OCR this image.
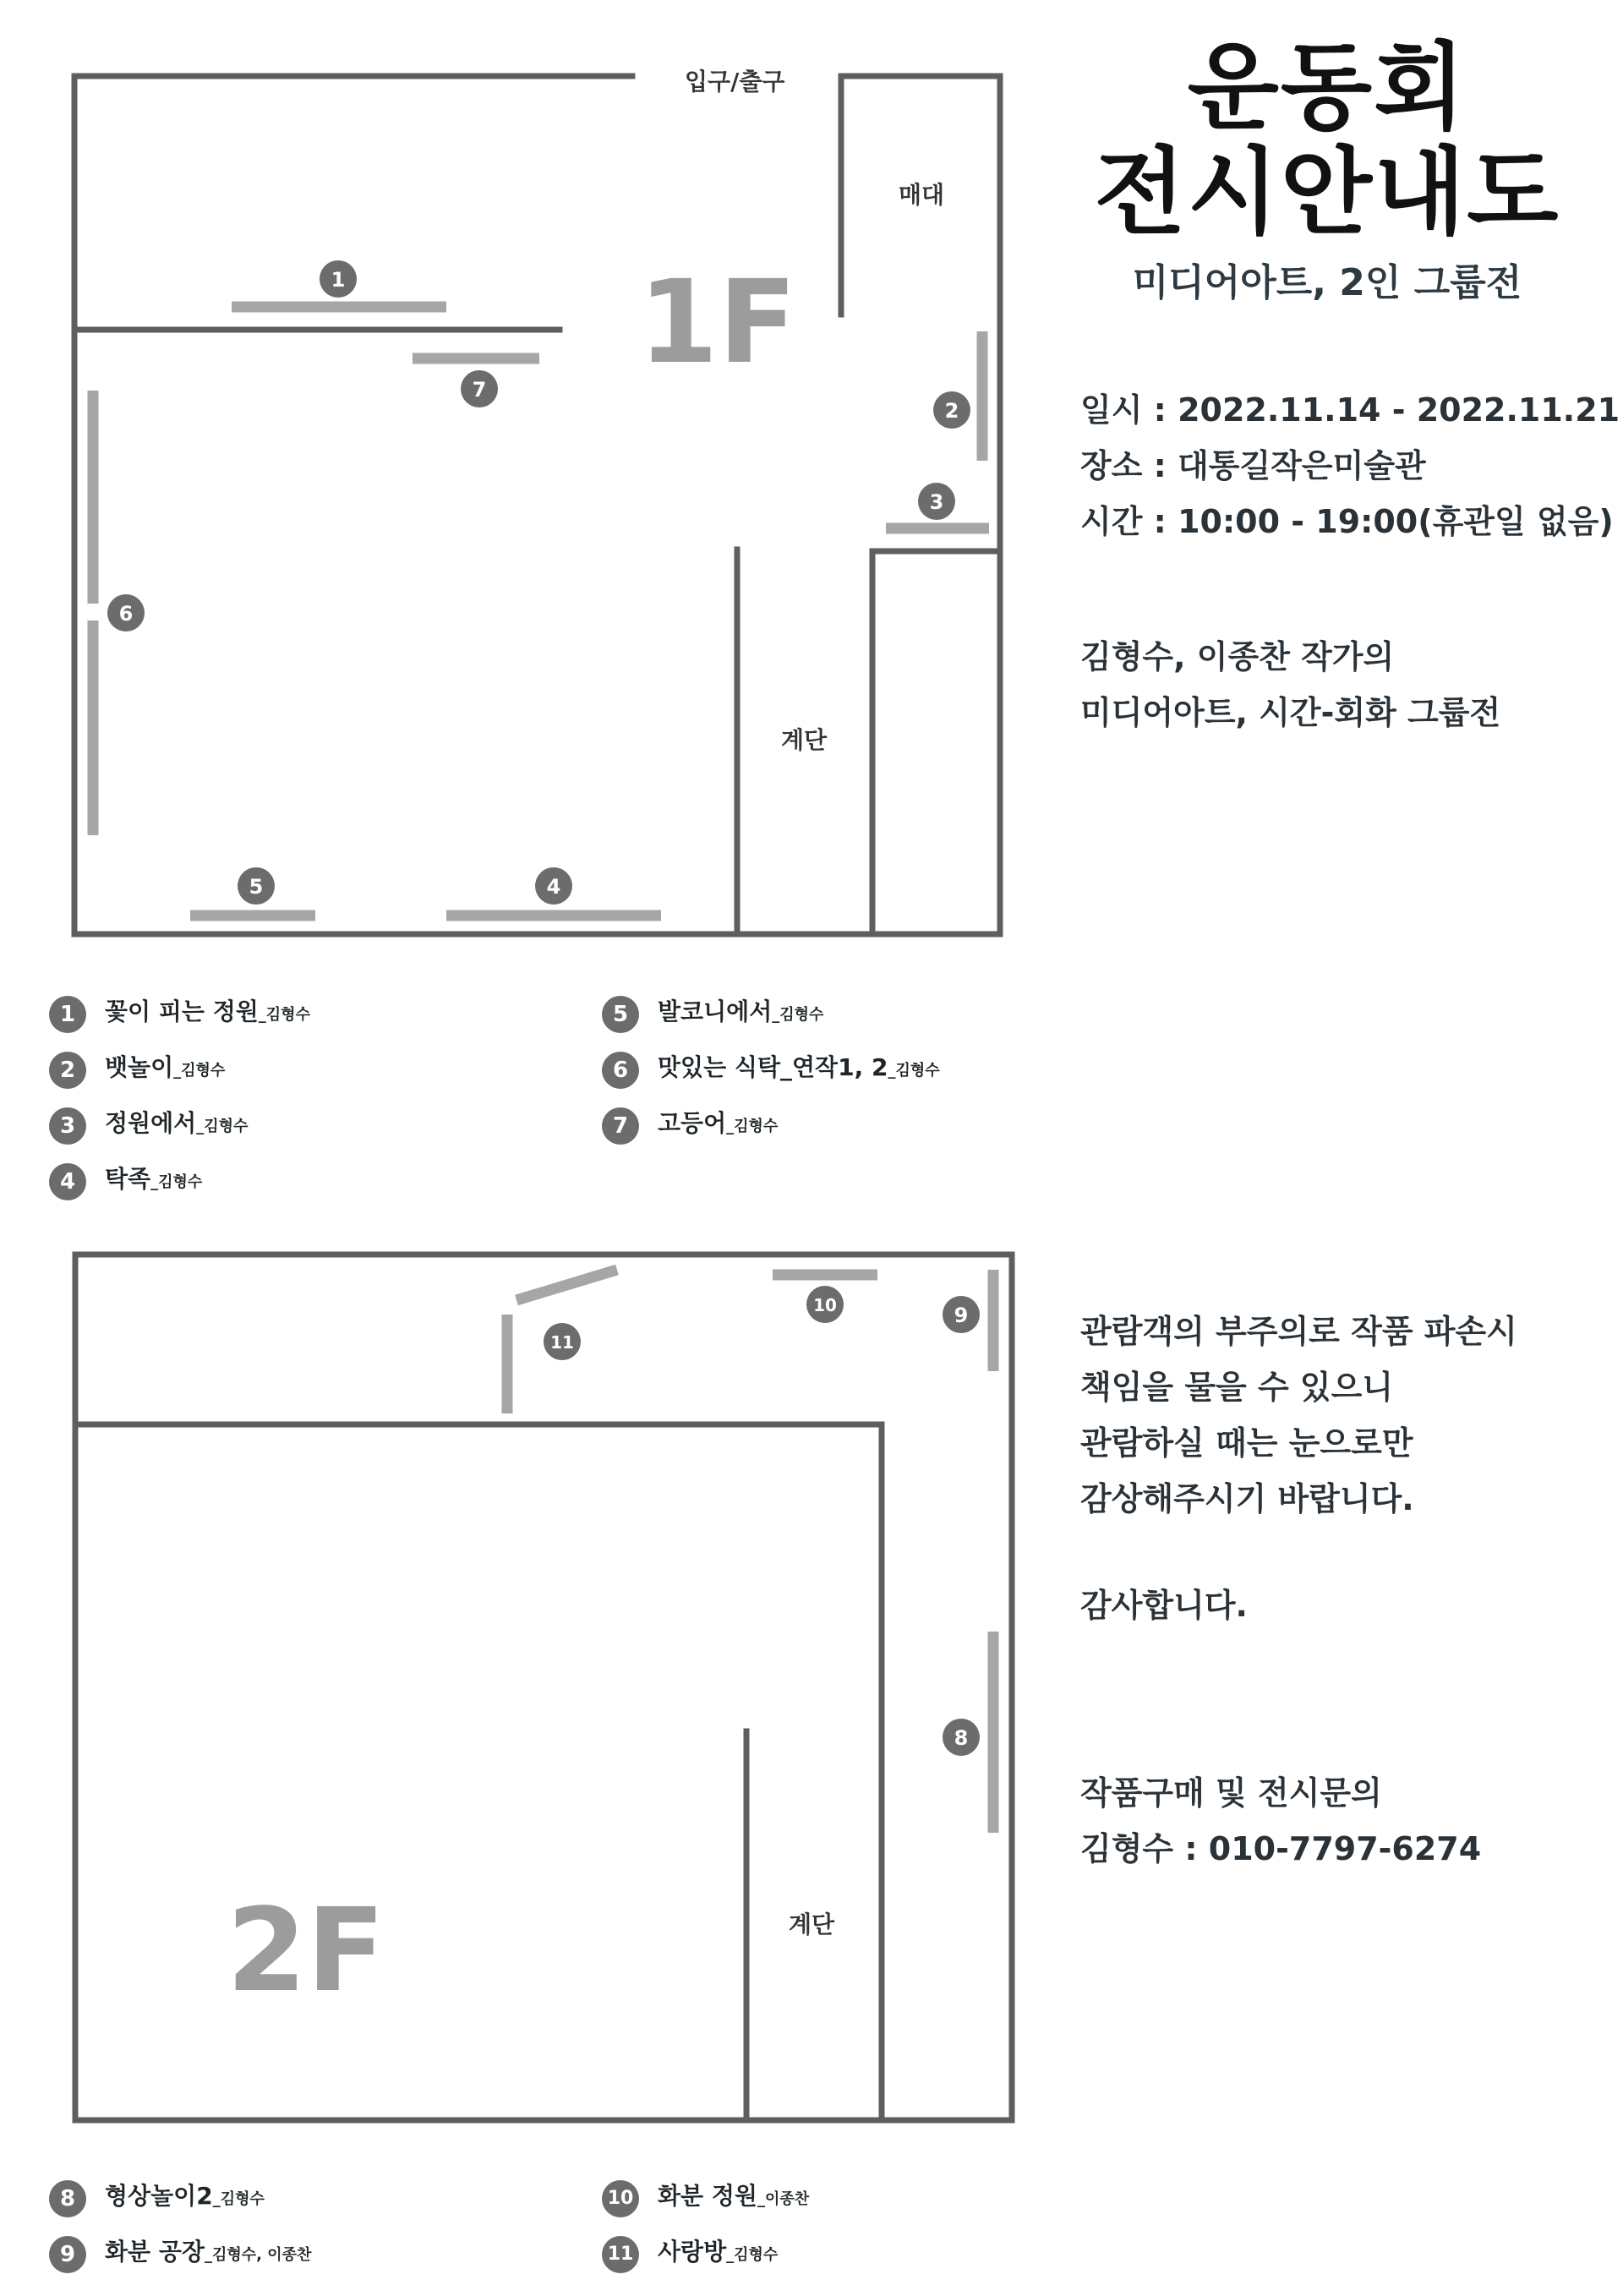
1F
입구/출구
매대
계단
1
7
2
3
6
5	4
2F	계단
11
10	9
8
운동회
전시안내도
미디어아트, 2인 그룹전
일시 : 2022.11.14 - 2022.11.21
장소 : 대통길작은미술관
시간 : 10:00 - 19:00(휴관일 없음)
김형수, 이종찬 작가의
미디어아트, 시간-회화 그룹전
관람객의 부주의로 작품 파손시
책임을 물을 수 있으니
관람하실 때는 눈으로만
감상해주시기 바랍니다.
감사합니다.
작품구매 및 전시문의
김형수 : 010-7797-6274
1	꽃이 피는 정원 _김형수
2	뱃놀이 _김형수
3	정원에서 _김형수
4	탁족 _김형수
5	발코니에서 _김형수
6	맛있는 식탁_연작1, 2 _김형수
7	고등어 _김형수
8	형상놀이2 _김형수
9	화분 공장 _김형수, 이종찬
10 화분 정원 _이종찬
11 사랑방 _김형수
